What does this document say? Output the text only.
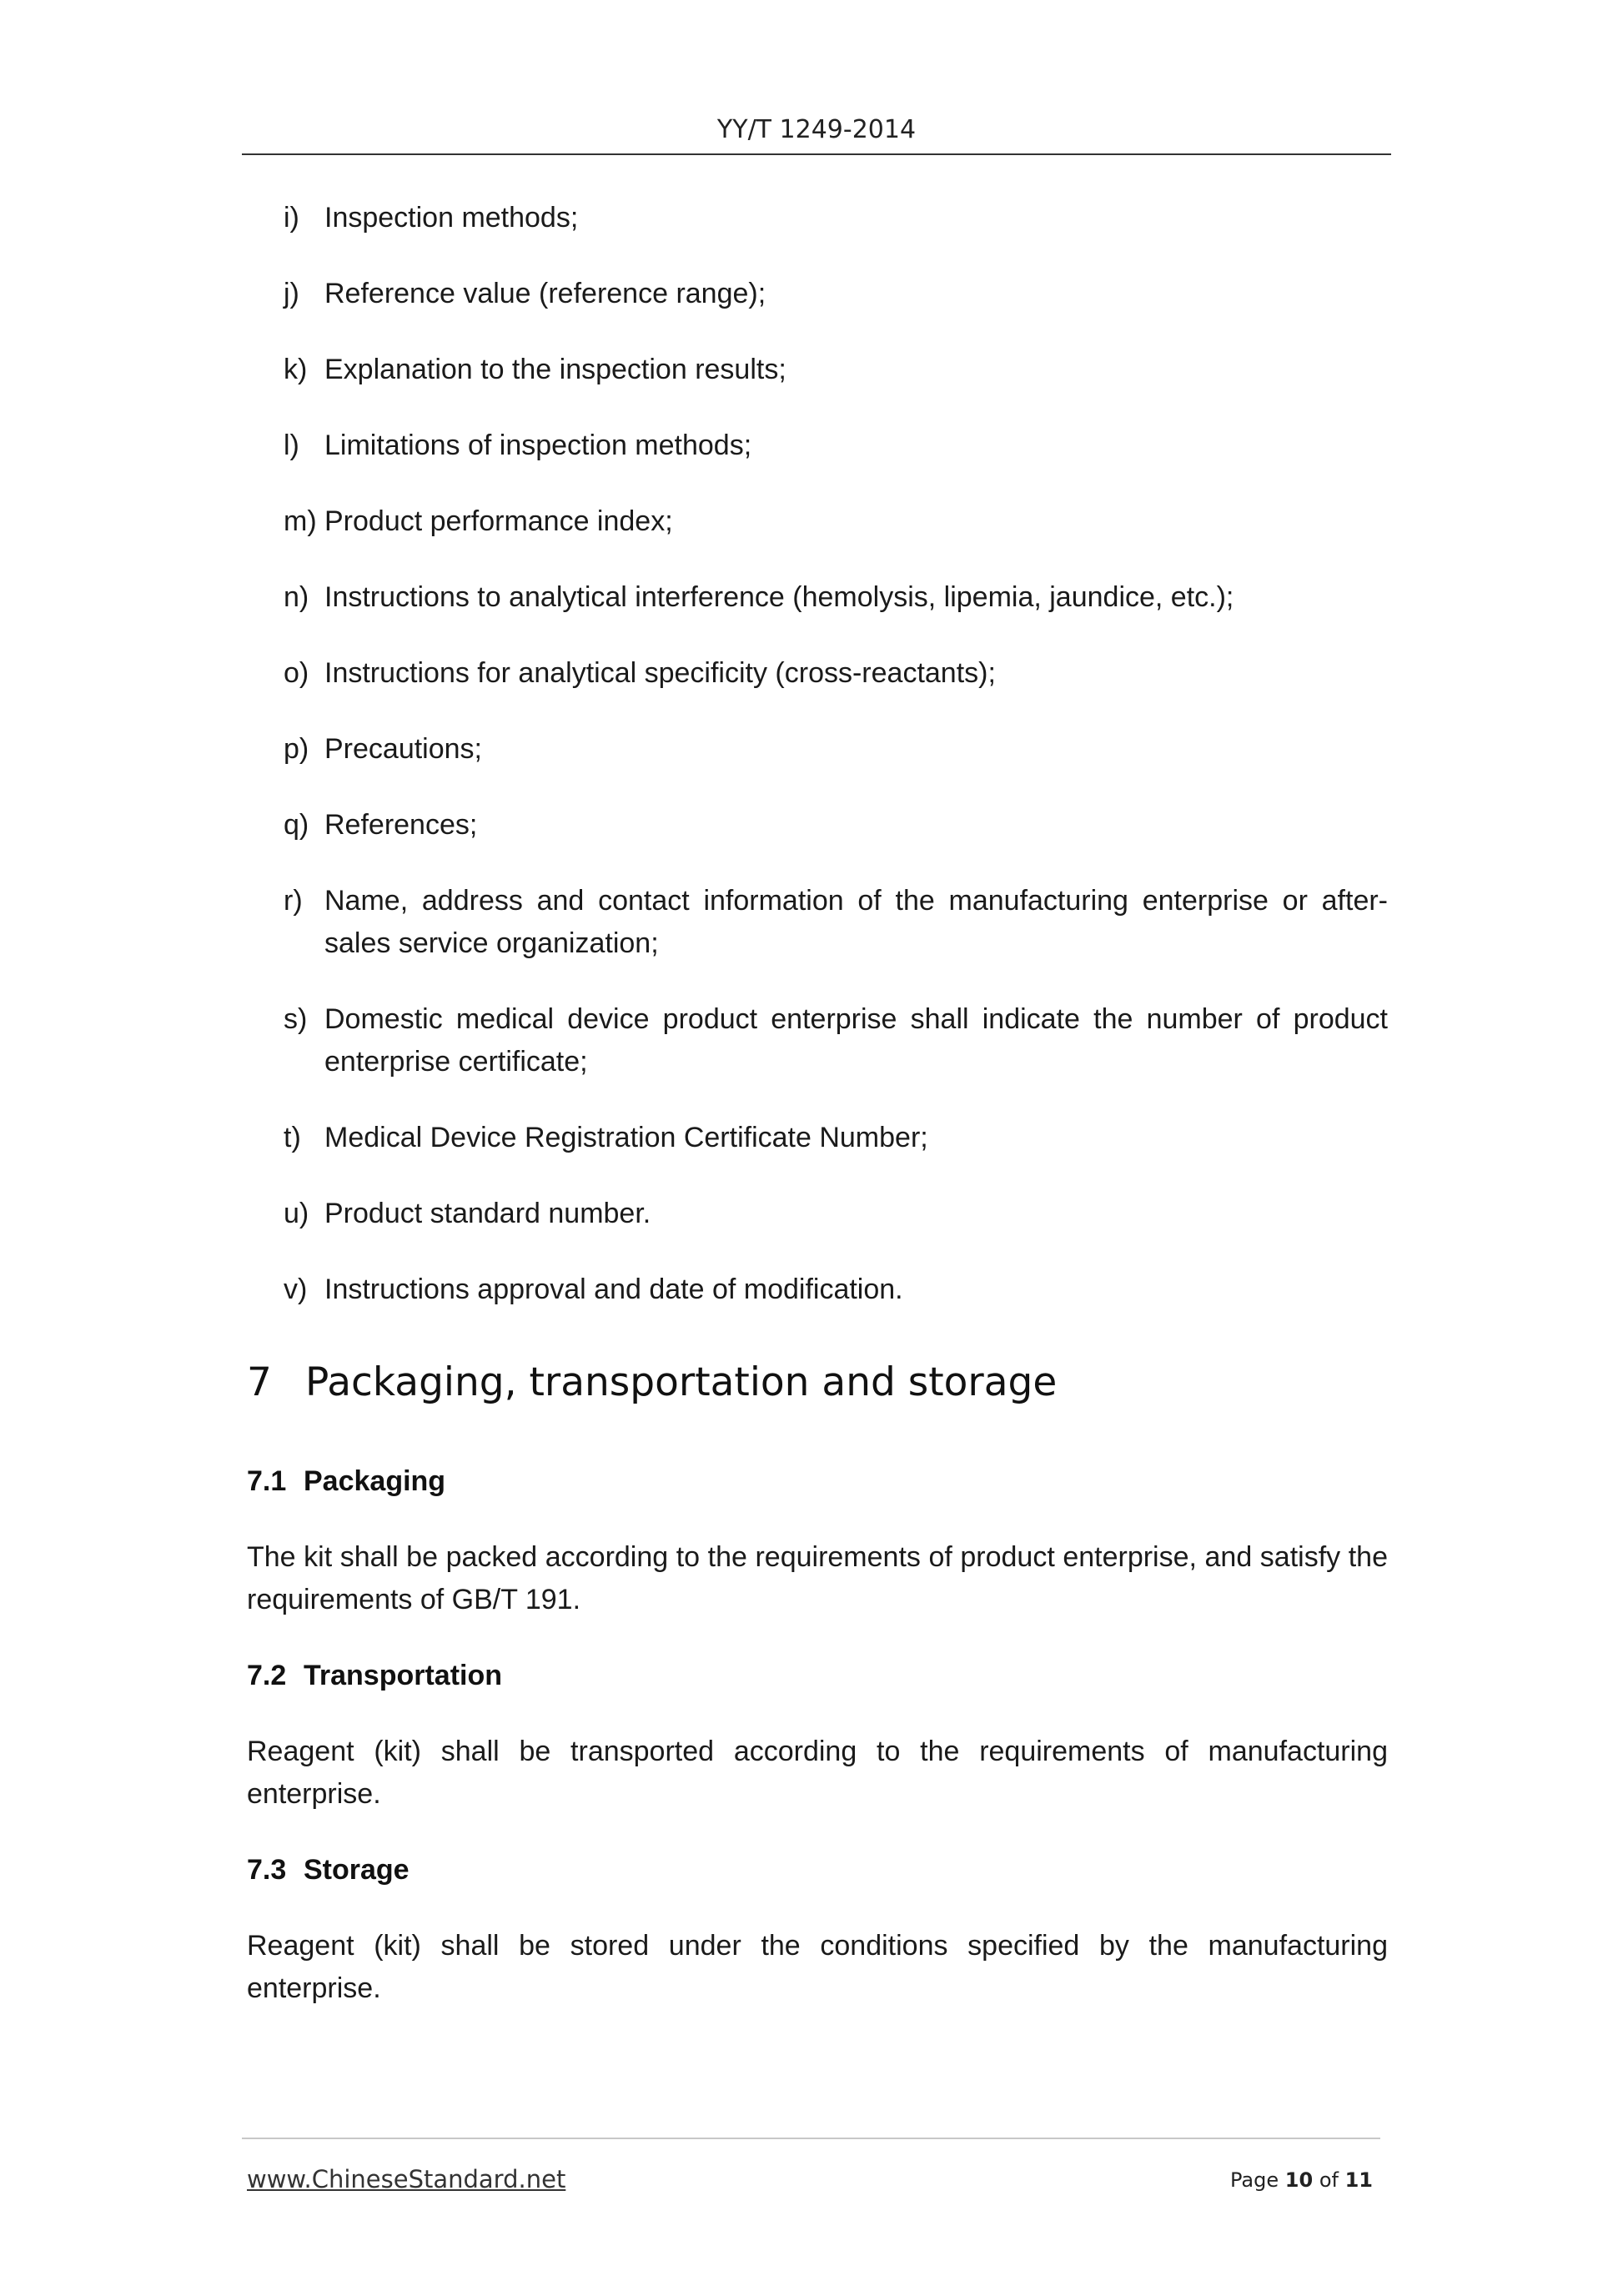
YY/T 1249-2014
i) Inspection methods;
j) Reference value (reference range);
k) Explanation to the inspection results;
l) Limitations of inspection methods;
m) Product performance index;
n) Instructions to analytical interference (hemolysis, lipemia, jaundice, etc.);
o) Instructions for analytical specificity (cross-reactants);
p) Precautions;
q) References;
r) Name, address and contact information of the manufacturing enterprise or after-sales service organization;
s) Domestic medical device product enterprise shall indicate the number of product enterprise certificate;
t) Medical Device Registration Certificate Number;
u) Product standard number.
v) Instructions approval and date of modification.
7 Packaging, transportation and storage
7.1 Packaging
The kit shall be packed according to the requirements of product enterprise, and satisfy the requirements of GB/T 191.
7.2 Transportation
Reagent (kit) shall be transported according to the requirements of manufacturing enterprise.
7.3 Storage
Reagent (kit) shall be stored under the conditions specified by the manufacturing enterprise.
www.ChineseStandard.net	Page 10 of 11
